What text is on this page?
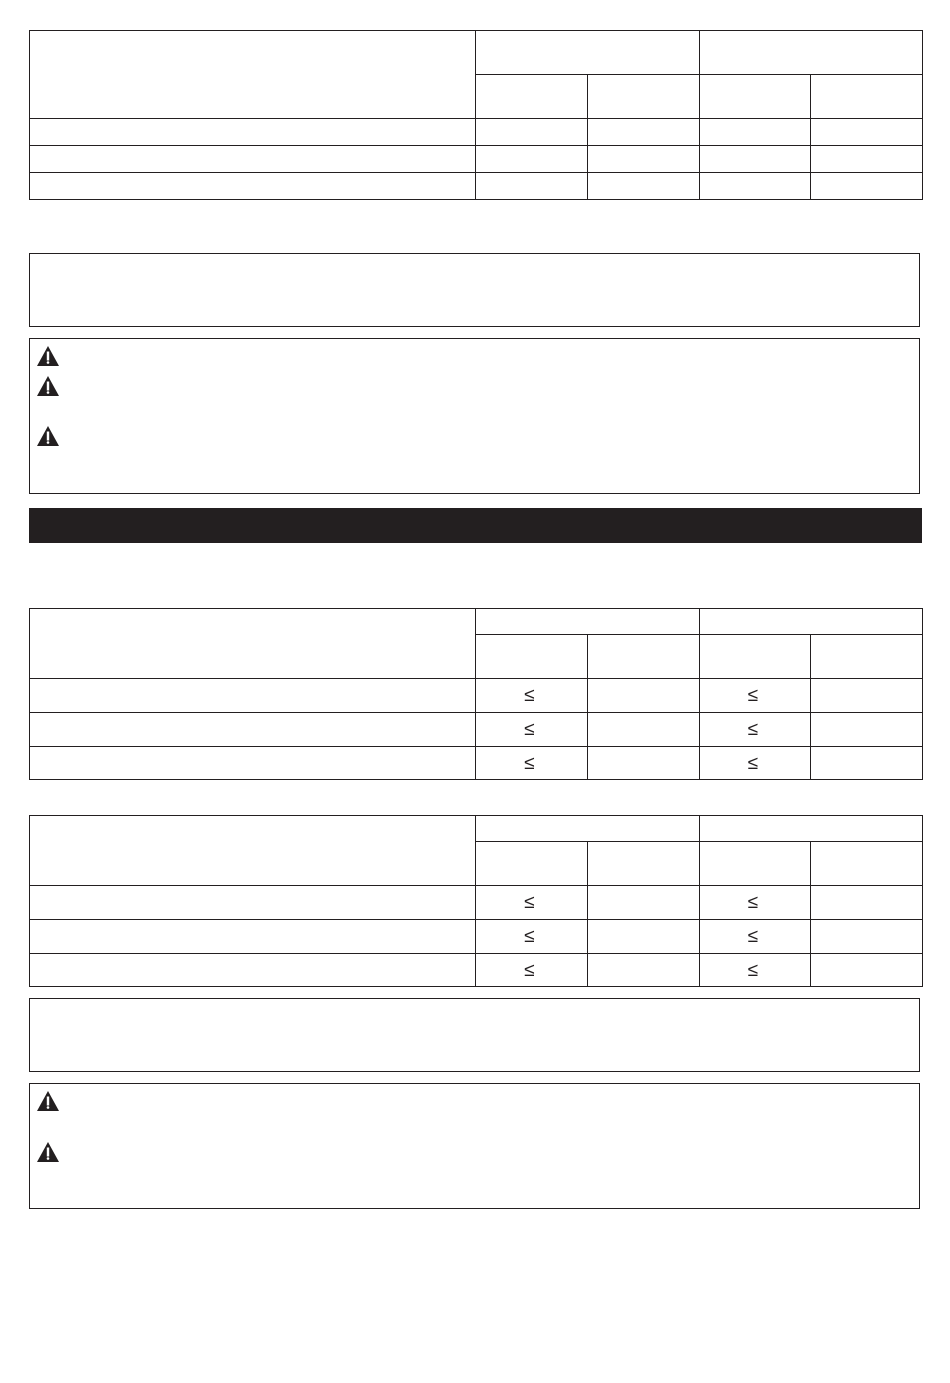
	≤		≤	
	≤		≤	
	≤		≤	

	≤		≤	
	≤		≤	
	≤		≤	
